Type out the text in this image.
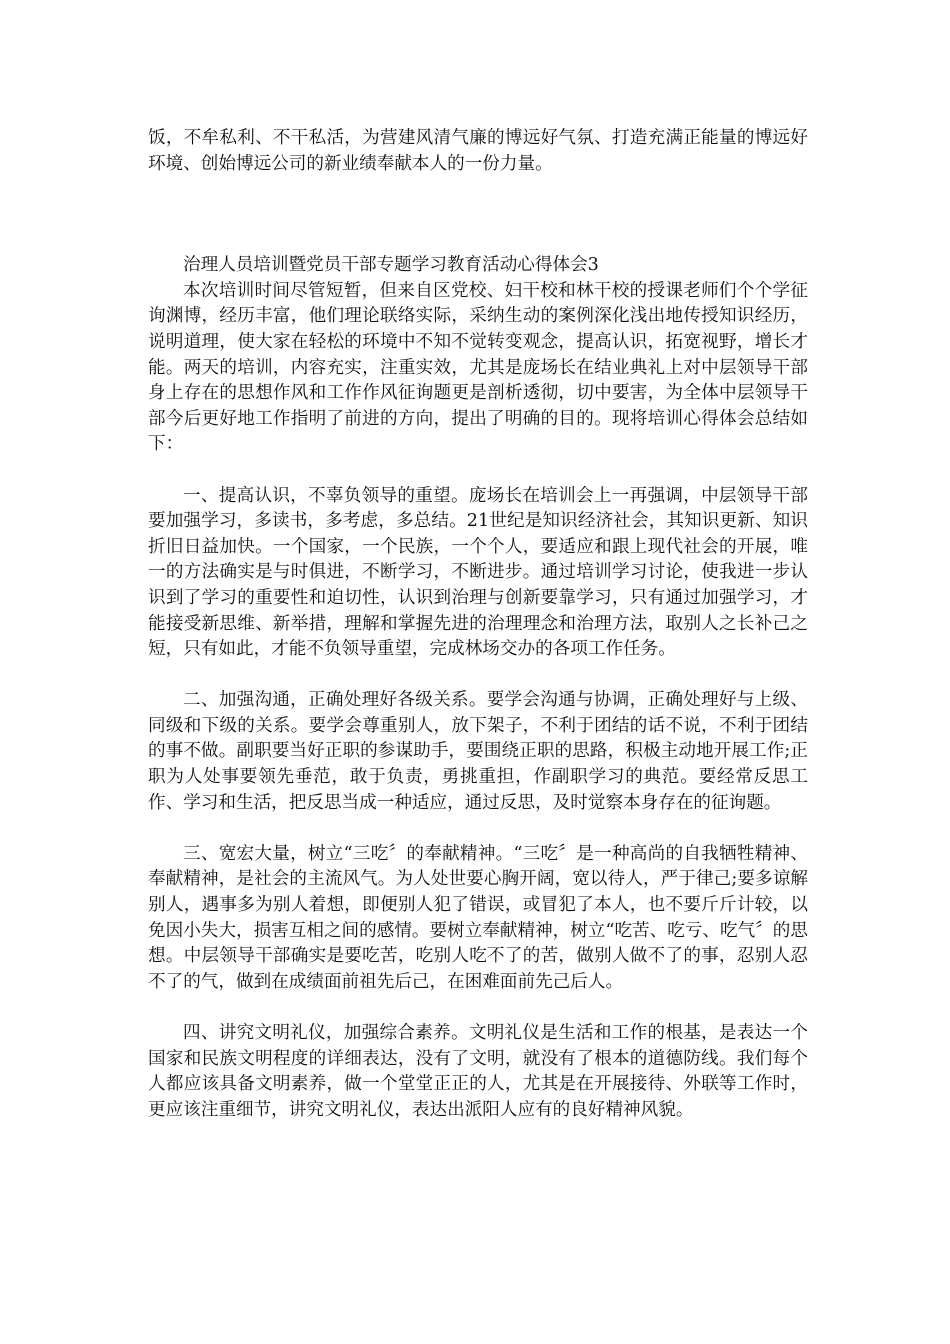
饭，不牟私利、不干私活，为营建风清气廉的博远好气氛、打造充满正能量的博远好环境、创始博远公司的新业绩奉献本人的一份力量。

治理人员培训暨党员干部专题学习教育活动心得体会3

本次培训时间尽管短暂，但来自区党校、妇干校和林干校的授课老师们个个学征询渊博，经历丰富，他们理论联络实际，采纳生动的案例深化浅出地传授知识经历，说明道理，使大家在轻松的环境中不知不觉转变观念，提高认识，拓宽视野，增长才能。两天的培训，内容充实，注重实效，尤其是庞场长在结业典礼上对中层领导干部身上存在的思想作风和工作作风征询题更是剖析透彻，切中要害，为全体中层领导干部今后更好地工作指明了前进的方向，提出了明确的目的。现将培训心得体会总结如下：

一、提高认识，不辜负领导的重望。庞场长在培训会上一再强调，中层领导干部要加强学习，多读书，多考虑，多总结。21世纪是知识经济社会，其知识更新、知识折旧日益加快。一个国家，一个民族，一个个人，要适应和跟上现代社会的开展，唯一的方法确实是与时俱进，不断学习，不断进步。通过培训学习讨论，使我进一步认识到了学习的重要性和迫切性，认识到治理与创新要靠学习，只有通过加强学习，才能接受新思维、新举措，理解和掌握先进的治理理念和治理方法，取别人之长补己之短，只有如此，才能不负领导重望，完成林场交办的各项工作任务。

二、加强沟通，正确处理好各级关系。要学会沟通与协调，正确处理好与上级、同级和下级的关系。要学会尊重别人，放下架子，不利于团结的话不说，不利于团结的事不做。副职要当好正职的参谋助手，要围绕正职的思路，积极主动地开展工作;正职为人处事要领先垂范，敢于负责，勇挑重担，作副职学习的典范。要经常反思工作、学习和生活，把反思当成一种适应，通过反思，及时觉察本身存在的征询题。

三、宽宏大量，树立“三吃〞的奉献精神。“三吃〞是一种高尚的自我牺牲精神、奉献精神，是社会的主流风气。为人处世要心胸开阔，宽以待人，严于律己;要多谅解别人，遇事多为别人着想，即便别人犯了错误，或冒犯了本人，也不要斤斤计较，以免因小失大，损害互相之间的感情。要树立奉献精神，树立“吃苦、吃亏、吃气〞的思想。中层领导干部确实是要吃苦，吃别人吃不了的苦，做别人做不了的事，忍别人忍不了的气，做到在成绩面前祖先后己，在困难面前先己后人。

四、讲究文明礼仪，加强综合素养。文明礼仪是生活和工作的根基，是表达一个国家和民族文明程度的详细表达，没有了文明，就没有了根本的道德防线。我们每个人都应该具备文明素养，做一个堂堂正正的人，尤其是在开展接待、外联等工作时，更应该注重细节，讲究文明礼仪，表达出派阳人应有的良好精神风貌。
